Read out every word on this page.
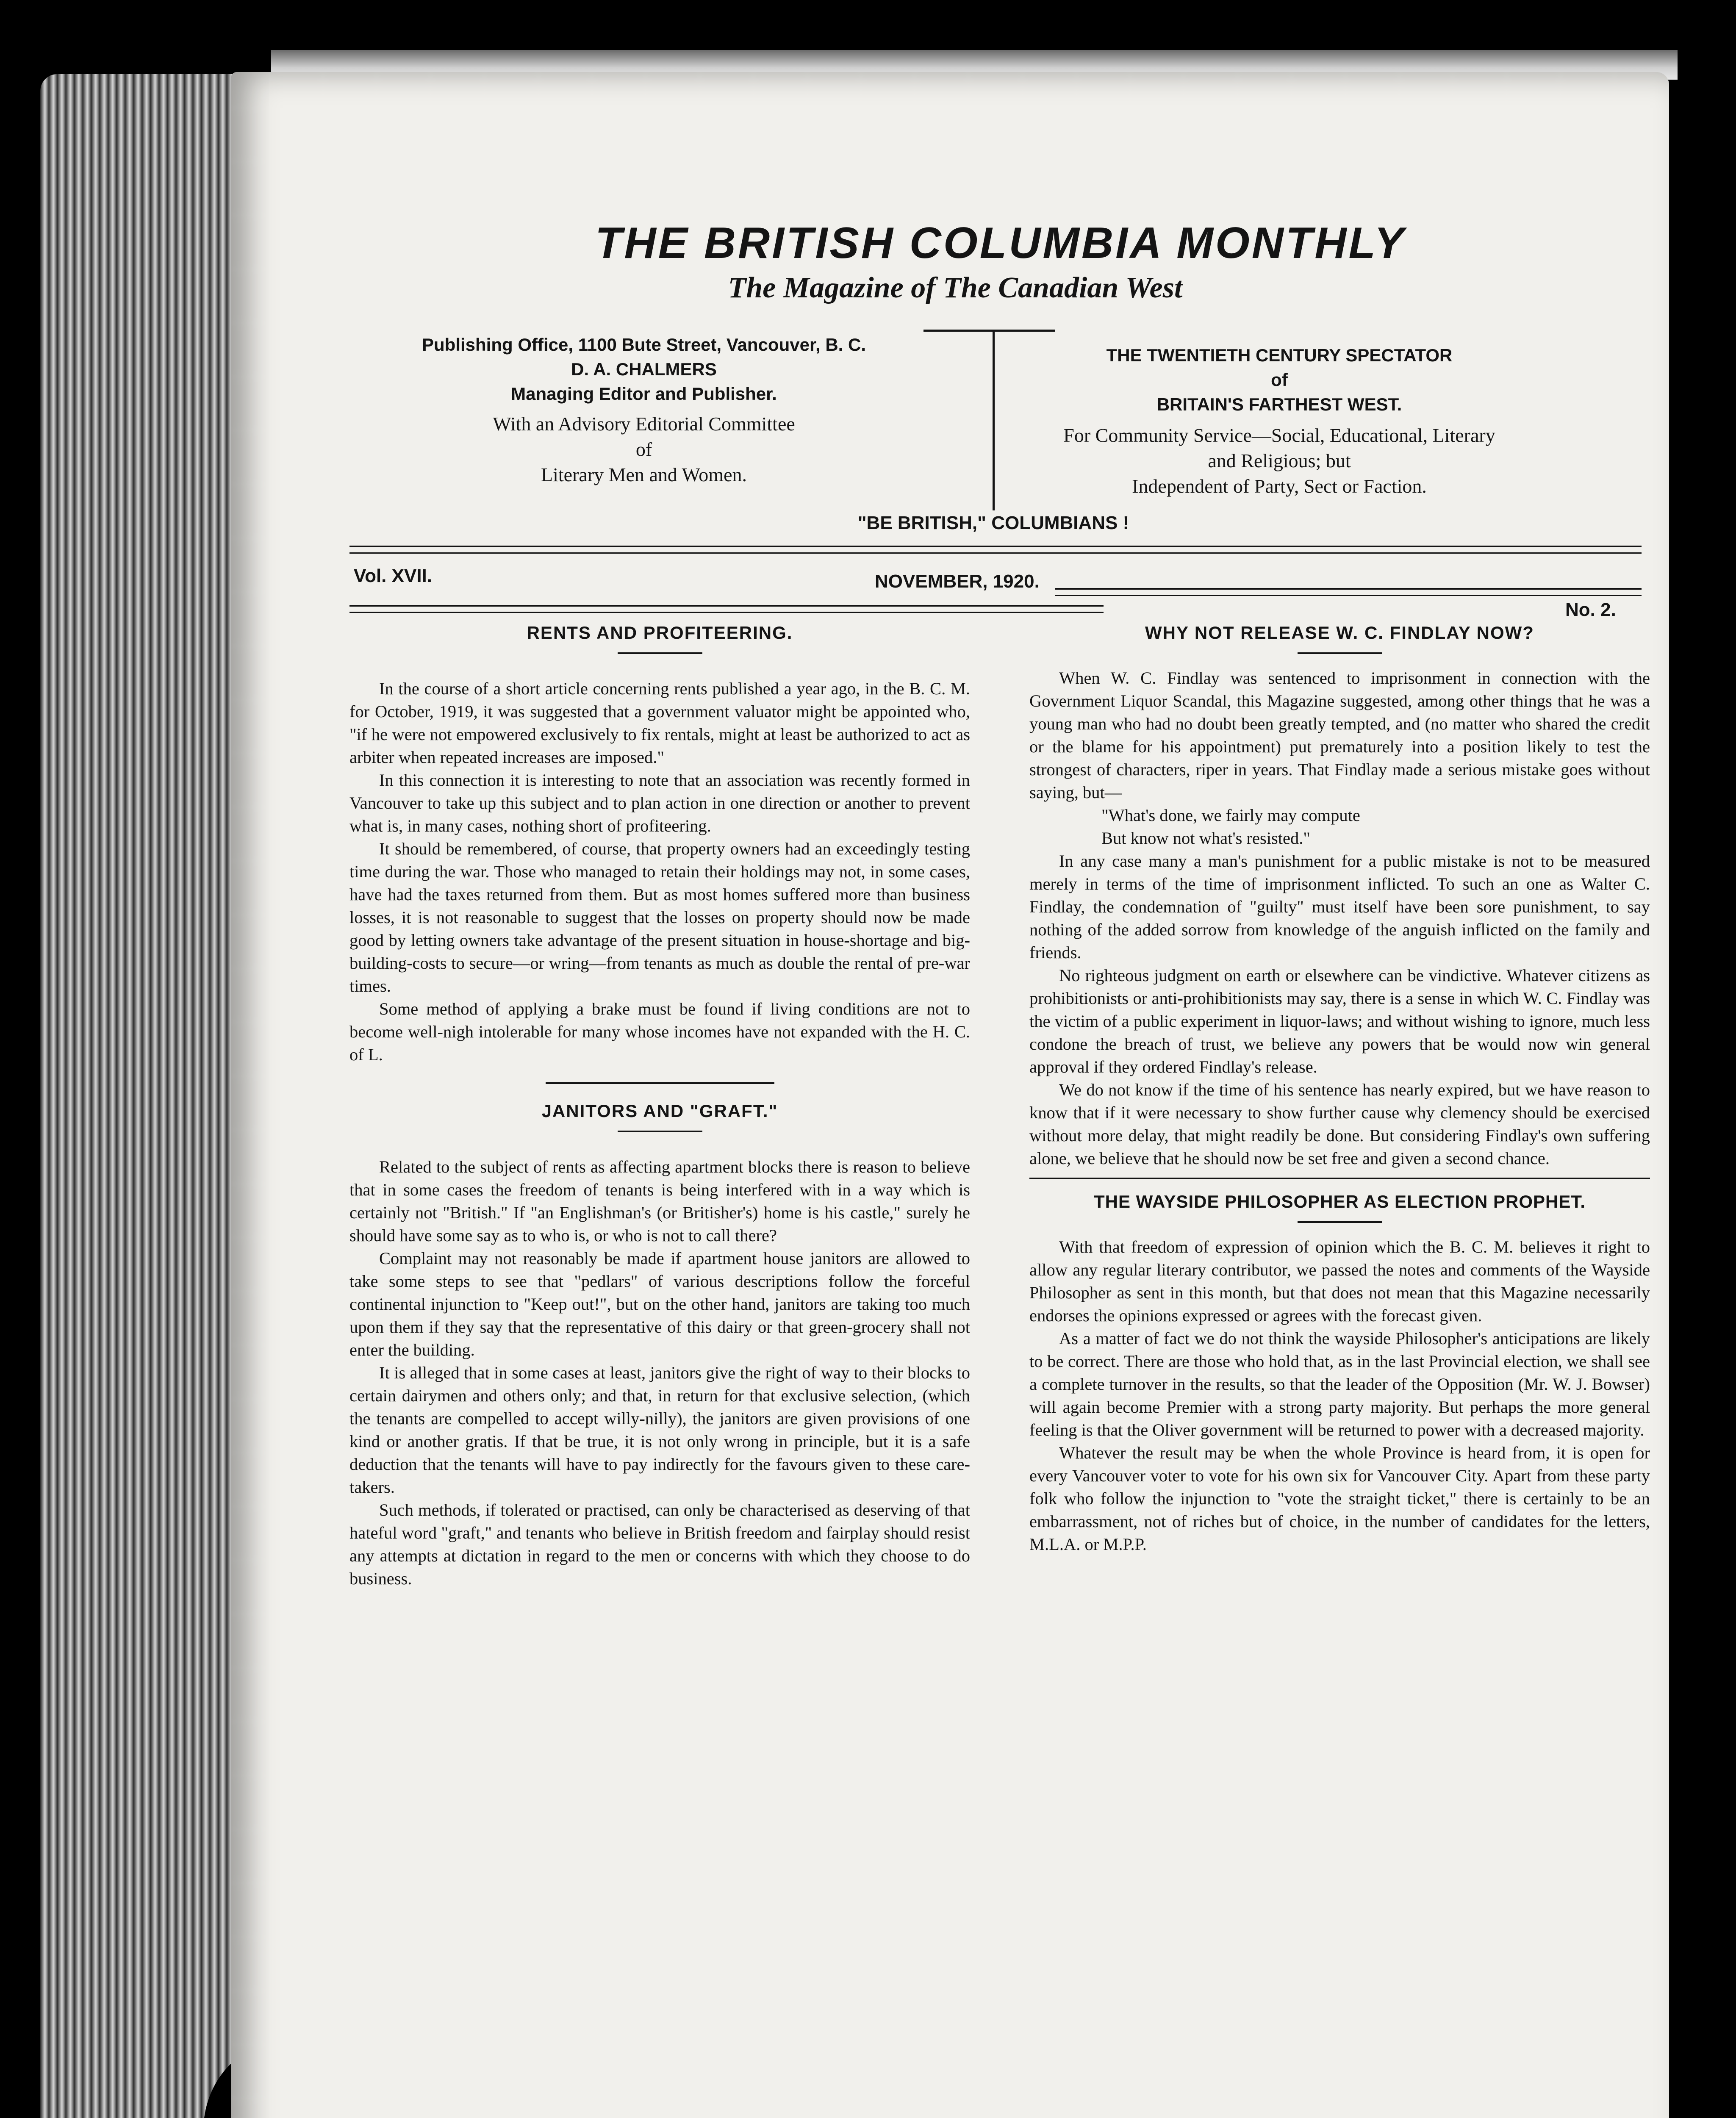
THE BRITISH COLUMBIA MONTHLY
The Magazine of The Canadian West
Publishing Office, 1100 Bute Street, Vancouver, B. C.
D. A. CHALMERS
Managing Editor and Publisher.
With an Advisory Editorial Committee
of
Literary Men and Women.
THE TWENTIETH CENTURY SPECTATOR
of
BRITAIN'S FARTHEST WEST.
For Community Service—Social, Educational, Literary
and Religious; but
Independent of Party, Sect or Faction.
"BE BRITISH," COLUMBIANS !
Vol. XVII.	NOVEMBER, 1920.
No. 2.
RENTS AND PROFITEERING.

In the course of a short article concerning rents published a year ago, in the B. C. M. for October, 1919, it was suggested that a government valuator might be appointed who, "if he were not empowered exclusively to fix rentals, might at least be authorized to act as arbiter when repeated increases are imposed."

In this connection it is interesting to note that an association was recently formed in Vancouver to take up this subject and to plan action in one direction or another to prevent what is, in many cases, nothing short of profiteering.

It should be remembered, of course, that property owners had an exceedingly testing time during the war. Those who managed to retain their holdings may not, in some cases, have had the taxes returned from them. But as most homes suffered more than business losses, it is not reasonable to suggest that the losses on property should now be made good by letting owners take advantage of the present situation in house-shortage and big-building-costs to secure—or wring—from tenants as much as double the rental of pre-war times.

Some method of applying a brake must be found if living conditions are not to become well-nigh intolerable for many whose incomes have not expanded with the H. C. of L.

JANITORS AND "GRAFT."

Related to the subject of rents as affecting apartment blocks there is reason to believe that in some cases the freedom of tenants is being interfered with in a way which is certainly not "British." If "an Englishman's (or Britisher's) home is his castle," surely he should have some say as to who is, or who is not to call there?

Complaint may not reasonably be made if apartment house janitors are allowed to take some steps to see that "pedlars" of various descriptions follow the forceful continental injunction to "Keep out!", but on the other hand, janitors are taking too much upon them if they say that the representative of this dairy or that green-grocery shall not enter the building.

It is alleged that in some cases at least, janitors give the right of way to their blocks to certain dairymen and others only; and that, in return for that exclusive selection, (which the tenants are compelled to accept willy-nilly), the janitors are given provisions of one kind or another gratis. If that be true, it is not only wrong in principle, but it is a safe deduction that the tenants will have to pay indirectly for the favours given to these care-takers.

Such methods, if tolerated or practised, can only be characterised as deserving of that hateful word "graft," and tenants who believe in British freedom and fairplay should resist any attempts at dictation in regard to the men or concerns with which they choose to do business.

WHY NOT RELEASE W. C. FINDLAY NOW?

When W. C. Findlay was sentenced to imprisonment in connection with the Government Liquor Scandal, this Magazine suggested, among other things that he was a young man who had no doubt been greatly tempted, and (no matter who shared the credit or the blame for his appointment) put prematurely into a position likely to test the strongest of characters, riper in years. That Findlay made a serious mistake goes without saying, but—

"What's done, we fairly may compute

But know not what's resisted."

In any case many a man's punishment for a public mistake is not to be measured merely in terms of the time of imprisonment inflicted. To such an one as Walter C. Findlay, the condemnation of "guilty" must itself have been sore punishment, to say nothing of the added sorrow from knowledge of the anguish inflicted on the family and friends.

No righteous judgment on earth or elsewhere can be vindictive. Whatever citizens as prohibitionists or anti-prohibitionists may say, there is a sense in which W. C. Findlay was the victim of a public experiment in liquor-laws; and without wishing to ignore, much less condone the breach of trust, we believe any powers that be would now win general approval if they ordered Findlay's release.

We do not know if the time of his sentence has nearly expired, but we have reason to know that if it were necessary to show further cause why clemency should be exercised without more delay, that might readily be done. But considering Findlay's own suffering alone, we believe that he should now be set free and given a second chance.

THE WAYSIDE PHILOSOPHER AS ELECTION PROPHET.

With that freedom of expression of opinion which the B. C. M. believes it right to allow any regular literary contributor, we passed the notes and comments of the Wayside Philosopher as sent in this month, but that does not mean that this Magazine necessarily endorses the opinions expressed or agrees with the forecast given.

As a matter of fact we do not think the wayside Philosopher's anticipations are likely to be correct. There are those who hold that, as in the last Provincial election, we shall see a complete turnover in the results, so that the leader of the Opposition (Mr. W. J. Bowser) will again become Premier with a strong party majority. But perhaps the more general feeling is that the Oliver government will be returned to power with a decreased majority.

Whatever the result may be when the whole Province is heard from, it is open for every Vancouver voter to vote for his own six for Vancouver City. Apart from these party folk who follow the injunction to "vote the straight ticket," there is certainly to be an embarrassment, not of riches but of choice, in the number of candidates for the letters, M.L.A. or M.P.P.
